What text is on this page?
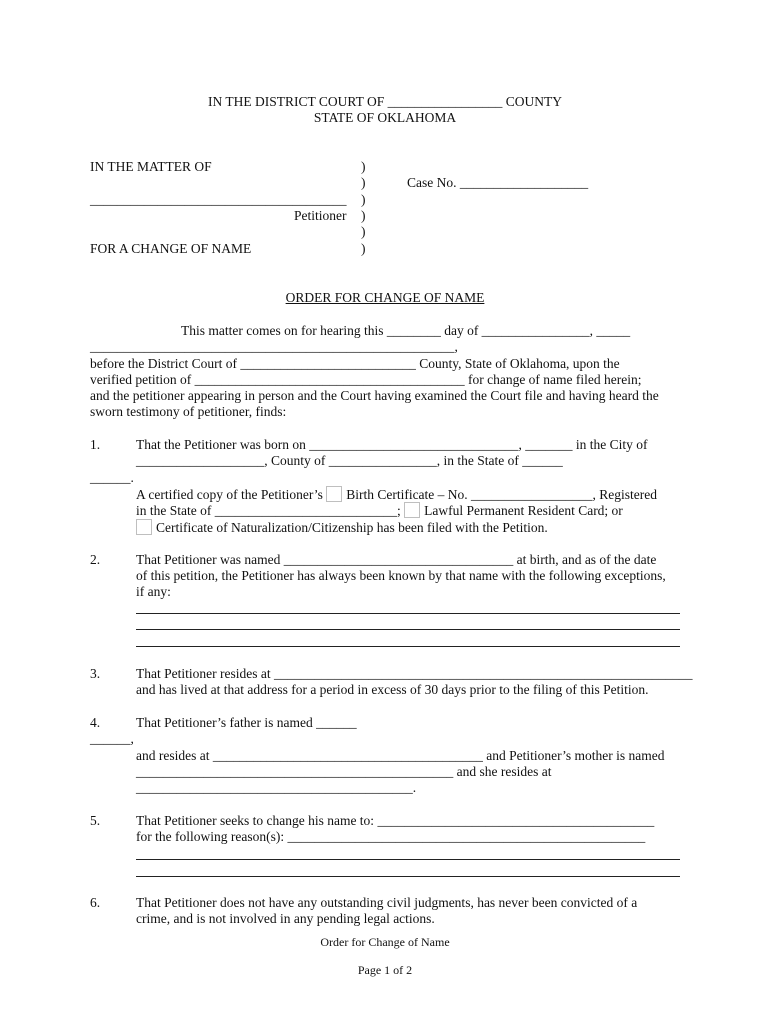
IN THE DISTRICT COURT OF _________________ COUNTY
STATE OF OKLAHOMA
IN THE MATTER OF
______________________________________
Petitioner
FOR A CHANGE OF NAME
)
)
)
)
)
)
Case No. ___________________
ORDER FOR CHANGE OF NAME
This matter comes on for hearing this ________ day of ________________, _____
______________________________________________________,
before the District Court of __________________________ County, State of Oklahoma, upon the
verified petition of ________________________________________ for change of name filed herein;
and the petitioner appearing in person and the Court having examined the Court file and having heard the
sworn testimony of petitioner, finds:
1.	That the Petitioner was born on _______________________________, _______ in the City of
___________________, County of ________________, in the State of ______
______.
A certified copy of the Petitioner’s Birth Certificate – No. __________________, Registered
in the State of ___________________________; Lawful Permanent Resident Card; or
Certificate of Naturalization/Citizenship has been filed with the Petition.
2.	That Petitioner was named __________________________________ at birth, and as of the date
of this petition, the Petitioner has always been known by that name with the following exceptions,
if any:
3.	That Petitioner resides at ______________________________________________________________
and has lived at that address for a period in excess of 30 days prior to the filing of this Petition.
4.	That Petitioner’s father is named ______
______,
and resides at ________________________________________ and Petitioner’s mother is named
_______________________________________________ and she resides at
_________________________________________.
5.	That Petitioner seeks to change his name to: _________________________________________
for the following reason(s): _____________________________________________________
6.	That Petitioner does not have any outstanding civil judgments, has never been convicted of a
crime, and is not involved in any pending legal actions.
Order for Change of Name
Page 1 of 2
